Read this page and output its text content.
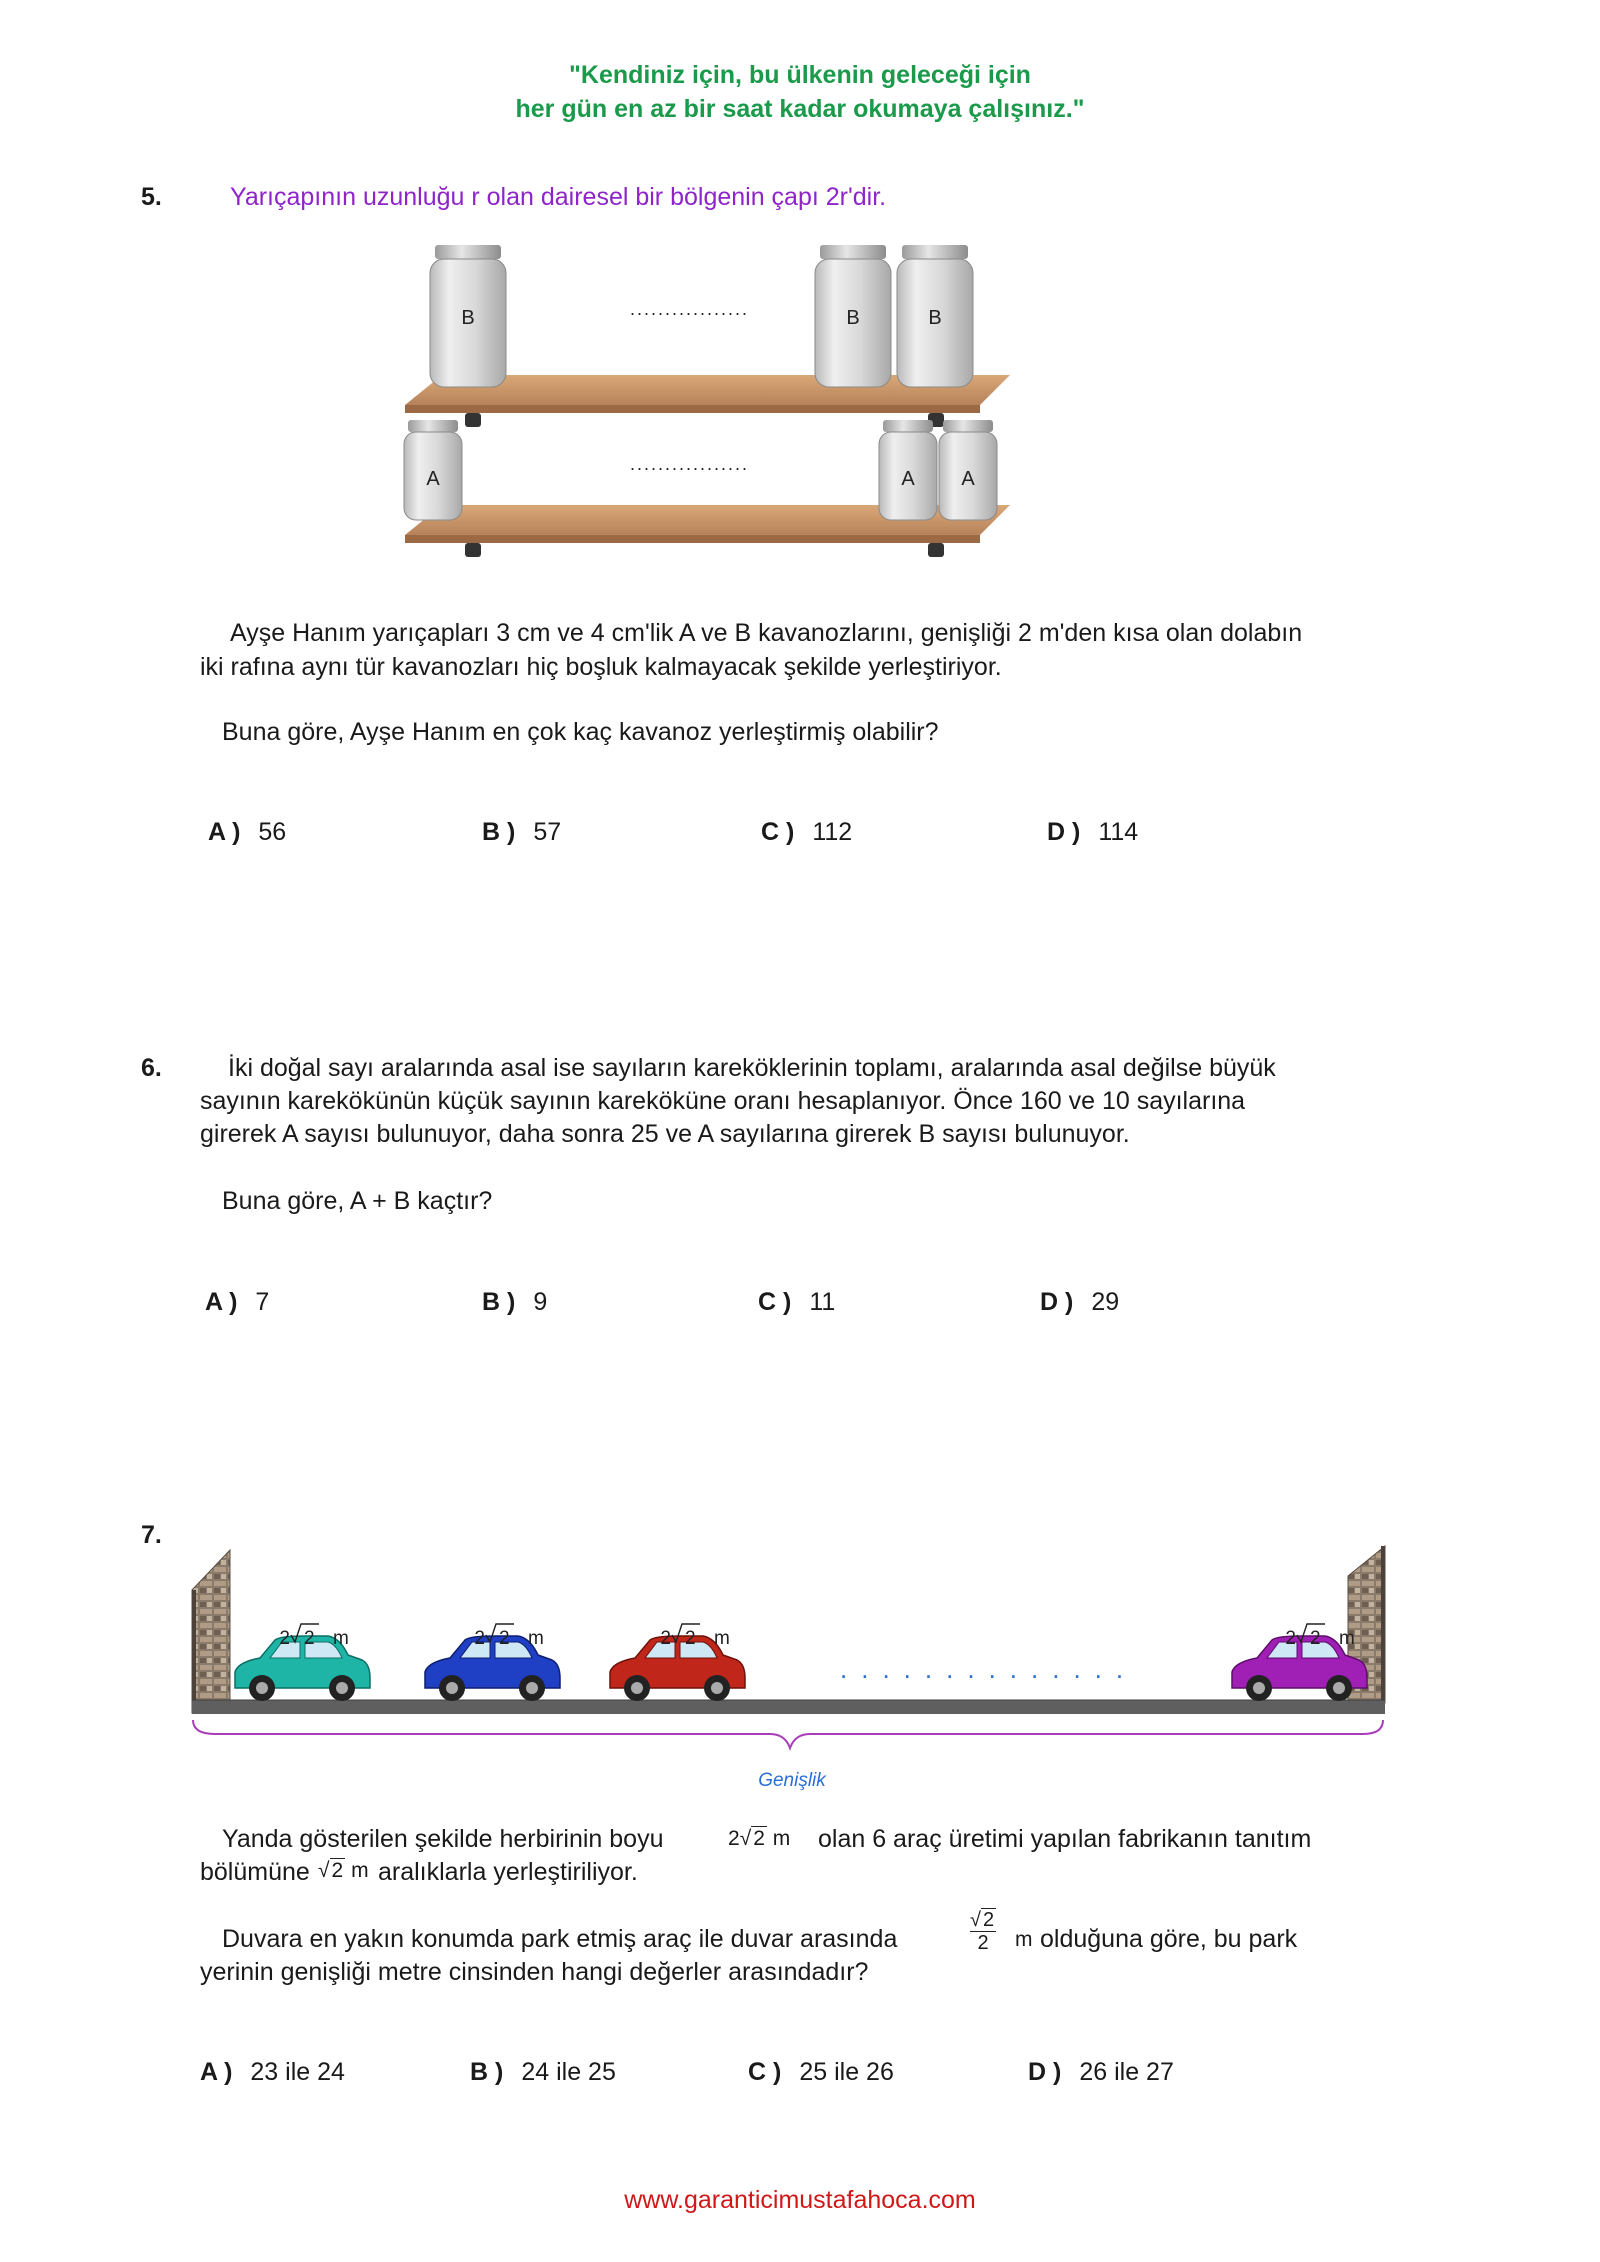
"Kendiniz için, bu ülkenin geleceği için
her gün en az bir saat kadar okumaya çalışınız."
5.	Yarıçapının uzunluğu r olan dairesel bir bölgenin çapı 2r'dir.
B	B	B
.................
A	A A
.................
Ayşe Hanım yarıçapları 3 cm ve 4 cm'lik A ve B kavanozlarını, genişliği 2 m'den kısa olan dolabın
iki rafına aynı tür kavanozları hiç boşluk kalmayacak şekilde yerleştiriyor.
Buna göre, Ayşe Hanım en çok kaç kavanoz yerleştirmiş olabilir?
A ) 56	B ) 57	C ) 112	D ) 114
6.	İki doğal sayı aralarında asal ise sayıların kareköklerinin toplamı, aralarında asal değilse büyük
sayının karekökünün küçük sayının kareköküne oranı hesaplanıyor. Önce 160 ve 10 sayılarına
girerek A sayısı bulunuyor, daha sonra 25 ve A sayılarına girerek B sayısı bulunuyor.
Buna göre, A + B kaçtır?
A ) 7	B ) 9	C ) 11	D ) 29
7.
2 2 m	2 2 m	2 2 m	2 2 m
..............
Genişlik
Yanda gösterilen şekilde herbirinin boyu	2√2 m olan 6 araç üretimi yapılan fabrikanın tanıtım
bölümüne √2 m aralıklarla yerleştiriliyor.
Duvara en yakın konumda park etmiş araç ile duvar arasında
√ 2
2 m olduğuna göre, bu park
yerinin genişliği metre cinsinden hangi değerler arasındadır?
A ) 23 ile 24	B ) 24 ile 25	C ) 25 ile 26	D ) 26 ile 27
www.garanticimustafahoca.com
